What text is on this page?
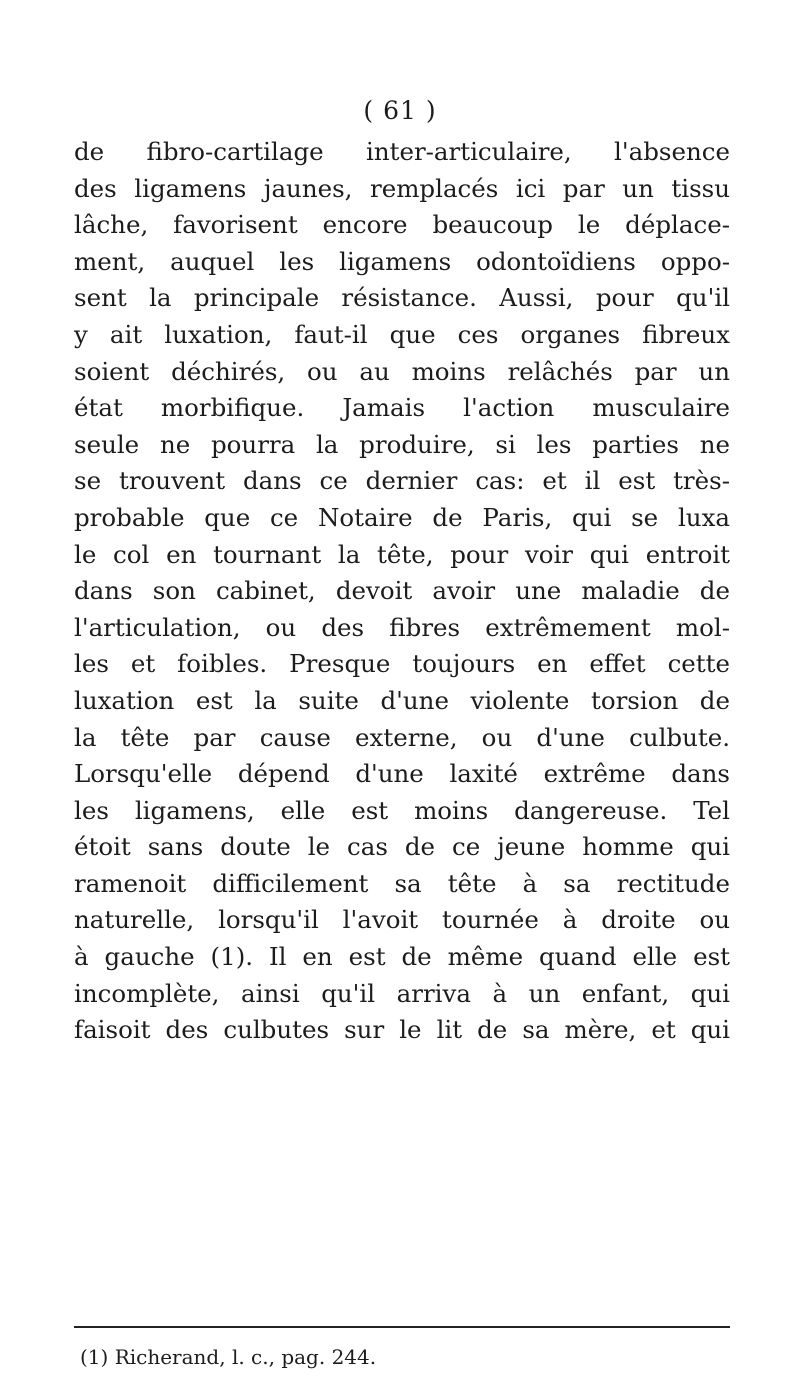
( 61 )
de fibro-cartilage inter-articulaire, l'absence
des ligamens jaunes, remplacés ici par un tissu
lâche, favorisent encore beaucoup le déplace-
ment, auquel les ligamens odontoïdiens oppo-
sent la principale résistance. Aussi, pour qu'il
y ait luxation, faut-il que ces organes fibreux
soient déchirés, ou au moins relâchés par un
état morbifique. Jamais l'action musculaire
seule ne pourra la produire, si les parties ne
se trouvent dans ce dernier cas: et il est très-
probable que ce Notaire de Paris, qui se luxa
le col en tournant la tête, pour voir qui entroit
dans son cabinet, devoit avoir une maladie de
l'articulation, ou des fibres extrêmement mol-
les et foibles. Presque toujours en effet cette
luxation est la suite d'une violente torsion de
la tête par cause externe, ou d'une culbute.
Lorsqu'elle dépend d'une laxité extrême dans
les ligamens, elle est moins dangereuse. Tel
étoit sans doute le cas de ce jeune homme qui
ramenoit difficilement sa tête à sa rectitude
naturelle, lorsqu'il l'avoit tournée à droite ou
à gauche (1). Il en est de même quand elle est
incomplète, ainsi qu'il arriva à un enfant, qui
faisoit des culbutes sur le lit de sa mère, et qui
(1) Richerand, l. c., pag. 244.
